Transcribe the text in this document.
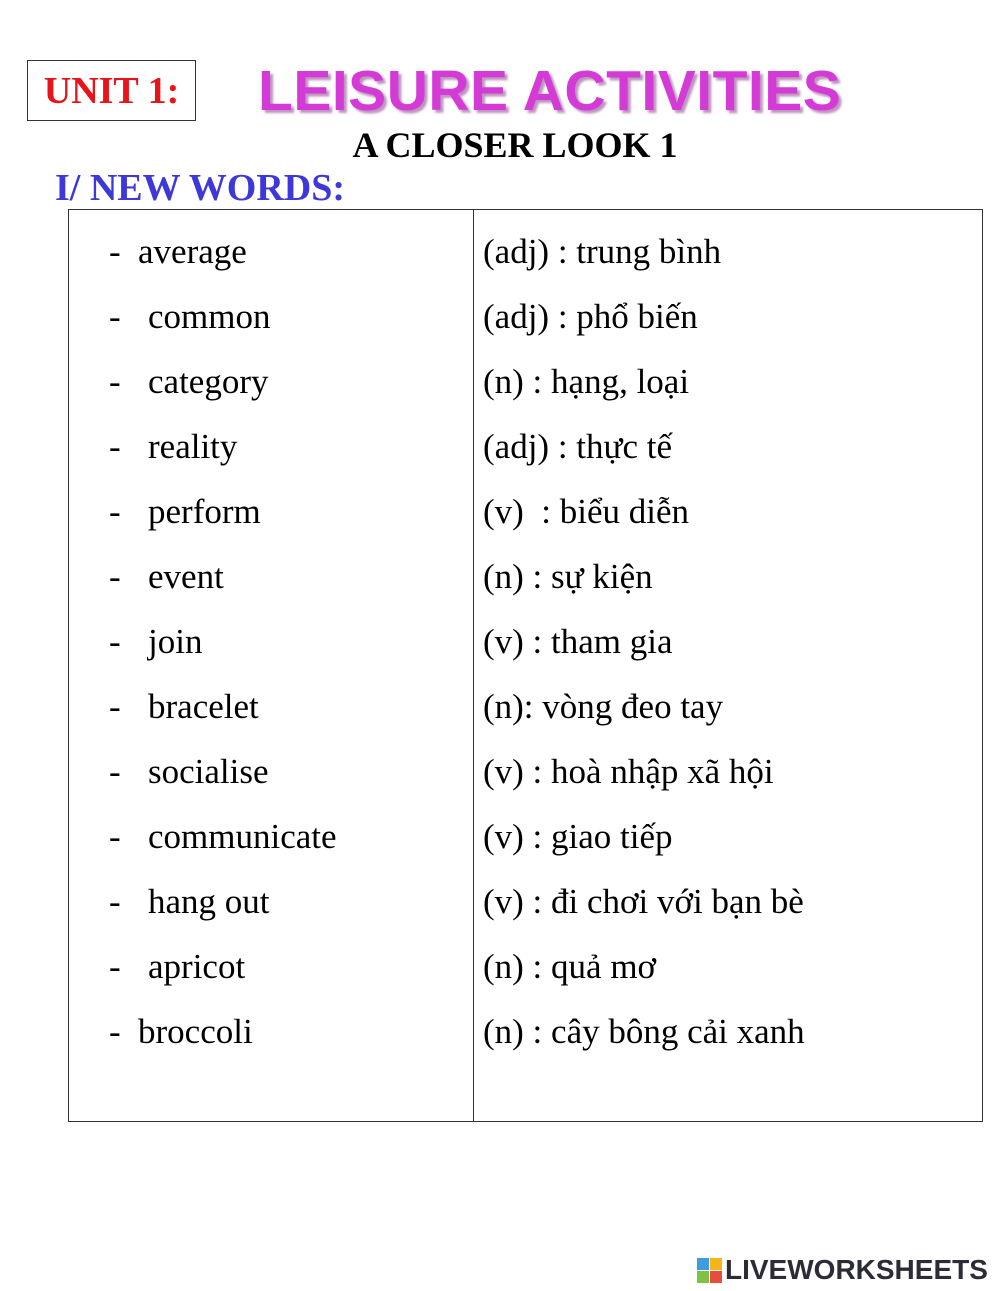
UNIT 1: LEISURE ACTIVITIES
A CLOSER LOOK 1
I/ NEW WORDS:
- average	(adj) : trung bình
- common	(adj) : phổ biến
- category	(n) : hạng, loại
- reality	(adj) : thực tế
- perform	(v)  : biểu diễn
- event	(n) : sự kiện
- join	(v) : tham gia
- bracelet	(n): vòng đeo tay
- socialise	(v) : hoà nhập xã hội
- communicate	(v) : giao tiếp
- hang out	(v) : đi chơi với bạn bè
- apricot	(n) : quả mơ
- broccoli	(n) : cây bông cải xanh
LIVEWORKSHEETS
